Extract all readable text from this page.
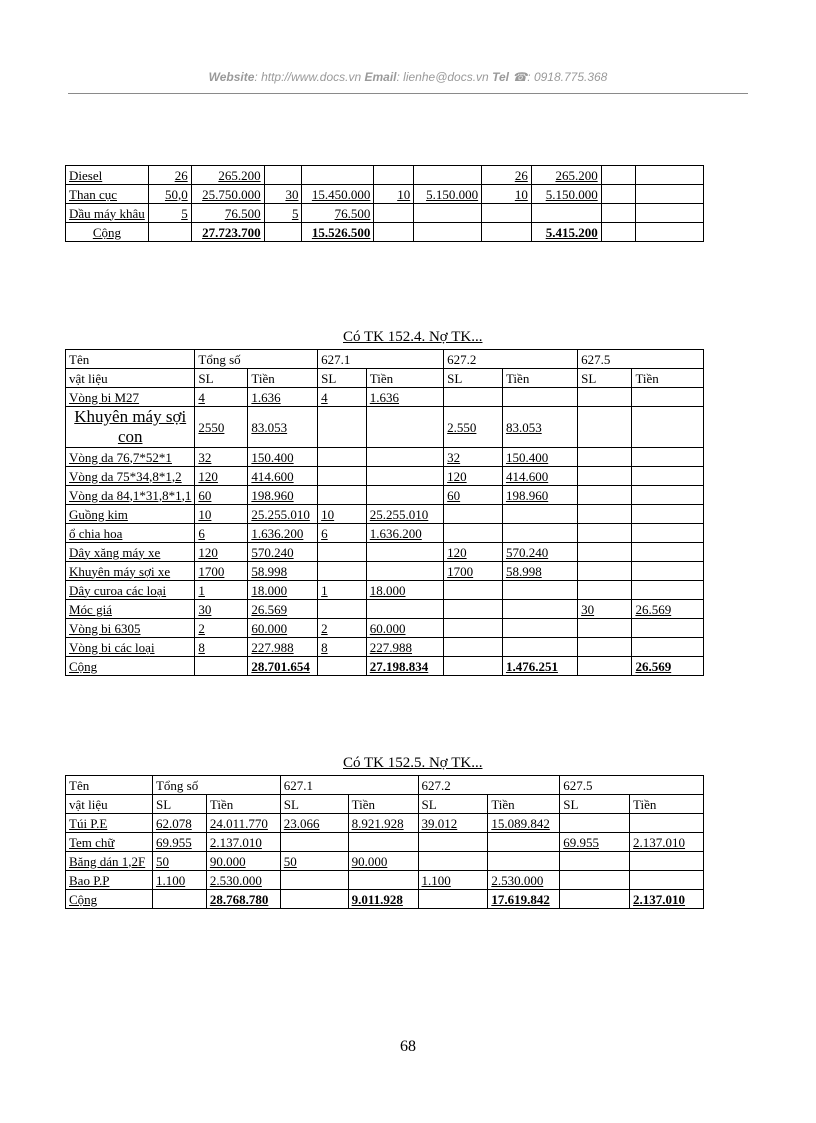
Website: http://www.docs.vn Email: lienhe@docs.vn Tel ☎: 0918.775.368
Diesel	26	265.200					26	265.200		
Than cục	50,0	25.750.000	30	15.450.000	10	5.150.000	10	5.150.000		
Dầu máy khâu	5	76.500	5	76.500						
Cộng		27.723.700		15.526.500				5.415.200		
Có TK 152.4. Nợ TK...
Tên	Tổng số		627.1		627.2		627.5	
vật liệu	SL	Tiền	SL	Tiền	SL	Tiền	SL	Tiền
Vòng bi M27	4	1.636	4	1.636				
Khuyên máy sợi con	2550	83.053			2.550	83.053		
Vòng da 76,7*52*1	32	150.400			32	150.400		
Vòng da 75*34,8*1,2	120	414.600			120	414.600		
Vòng da 84,1*31,8*1,1	60	198.960			60	198.960		
Guồng kim	10	25.255.010	10	25.255.010				
ổ chia hoa	6	1.636.200	6	1.636.200				
Dây xăng máy xe	120	570.240			120	570.240		
Khuyên máy sợi xe	1700	58.998			1700	58.998		
Dây curoa các loại	1	18.000	1	18.000				
Móc giá	30	26.569					30	26.569
Vòng bi 6305	2	60.000	2	60.000				
Vòng bi các loại	8	227.988	8	227.988				
Cộng		28.701.654		27.198.834		1.476.251		26.569
Có TK 152.5. Nợ TK...
Tên	Tổng số		627.1		627.2		627.5	
vật liệu	SL	Tiền	SL	Tiền	SL	Tiền	SL	Tiền
Túi P.E	62.078	24.011.770	23.066	8.921.928	39.012	15.089.842		
Tem chữ	69.955	2.137.010					69.955	2.137.010
Băng dán 1,2F	50	90.000	50	90.000				
Bao P.P	1.100	2.530.000			1.100	2.530.000		
Cộng		28.768.780		9.011.928		17.619.842		2.137.010
68
